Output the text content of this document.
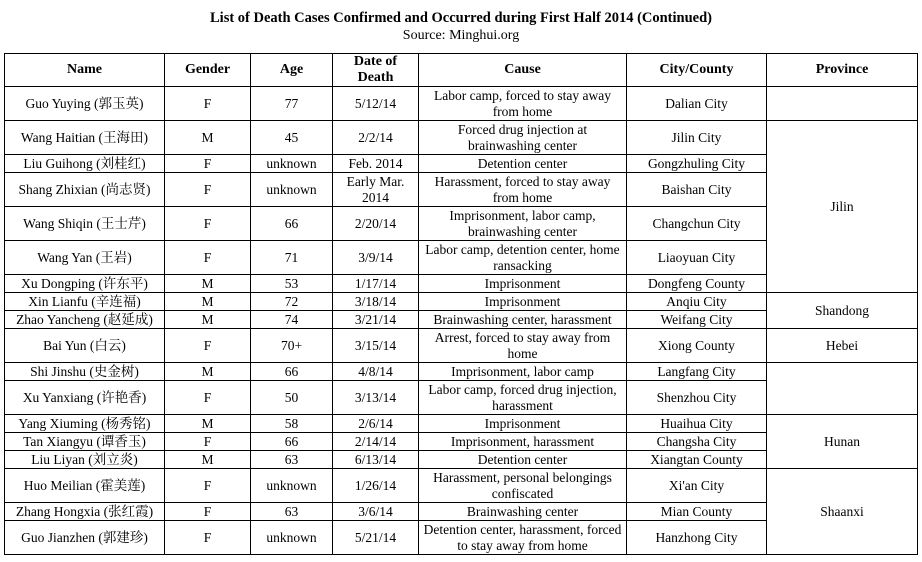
List of Death Cases Confirmed and Occurred during First Half 2014 (Continued)
Source: Minghui.org
Name	Gender	Age	Date of Death	Cause	City/County	Province
Guo Yuying (郭玉英)	F	77	5/12/14	Labor camp, forced to stay away from home	Dalian City	
Wang Haitian (王海田)	M	45	2/2/14	Forced drug injection at brainwashing center	Jilin City	Jilin
Liu Guihong (刘桂红)	F	unknown	Feb. 2014	Detention center	Gongzhuling City	
Shang Zhixian (尚志贤)	F	unknown	Early Mar. 2014	Harassment, forced to stay away from home	Baishan City	
Wang Shiqin (王士芹)	F	66	2/20/14	Imprisonment, labor camp, brainwashing center	Changchun City	
Wang Yan (王岩)	F	71	3/9/14	Labor camp, detention center, home ransacking	Liaoyuan City	
Xu Dongping (许东平)	M	53	1/17/14	Imprisonment	Dongfeng County	
Xin Lianfu (辛连福)	M	72	3/18/14	Imprisonment	Anqiu City	Shandong
Zhao Yancheng (赵延成)	M	74	3/21/14	Brainwashing center, harassment	Weifang City	
Bai Yun (白云)	F	70+	3/15/14	Arrest, forced to stay away from home	Xiong County	Hebei
Shi Jinshu (史金树)	M	66	4/8/14	Imprisonment, labor camp	Langfang City	
Xu Yanxiang (许艳香)	F	50	3/13/14	Labor camp, forced drug injection, harassment	Shenzhou City	
Yang Xiuming (杨秀铭)	M	58	2/6/14	Imprisonment	Huaihua City	Hunan
Tan Xiangyu (谭香玉)	F	66	2/14/14	Imprisonment, harassment	Changsha City	
Liu Liyan (刘立炎)	M	63	6/13/14	Detention center	Xiangtan County	
Huo Meilian (霍美莲)	F	unknown	1/26/14	Harassment, personal belongings confiscated	Xi'an City	Shaanxi
Zhang Hongxia (张红霞)	F	63	3/6/14	Brainwashing center	Mian County	
Guo Jianzhen (郭建珍)	F	unknown	5/21/14	Detention center, harassment, forced to stay away from home	Hanzhong City	
